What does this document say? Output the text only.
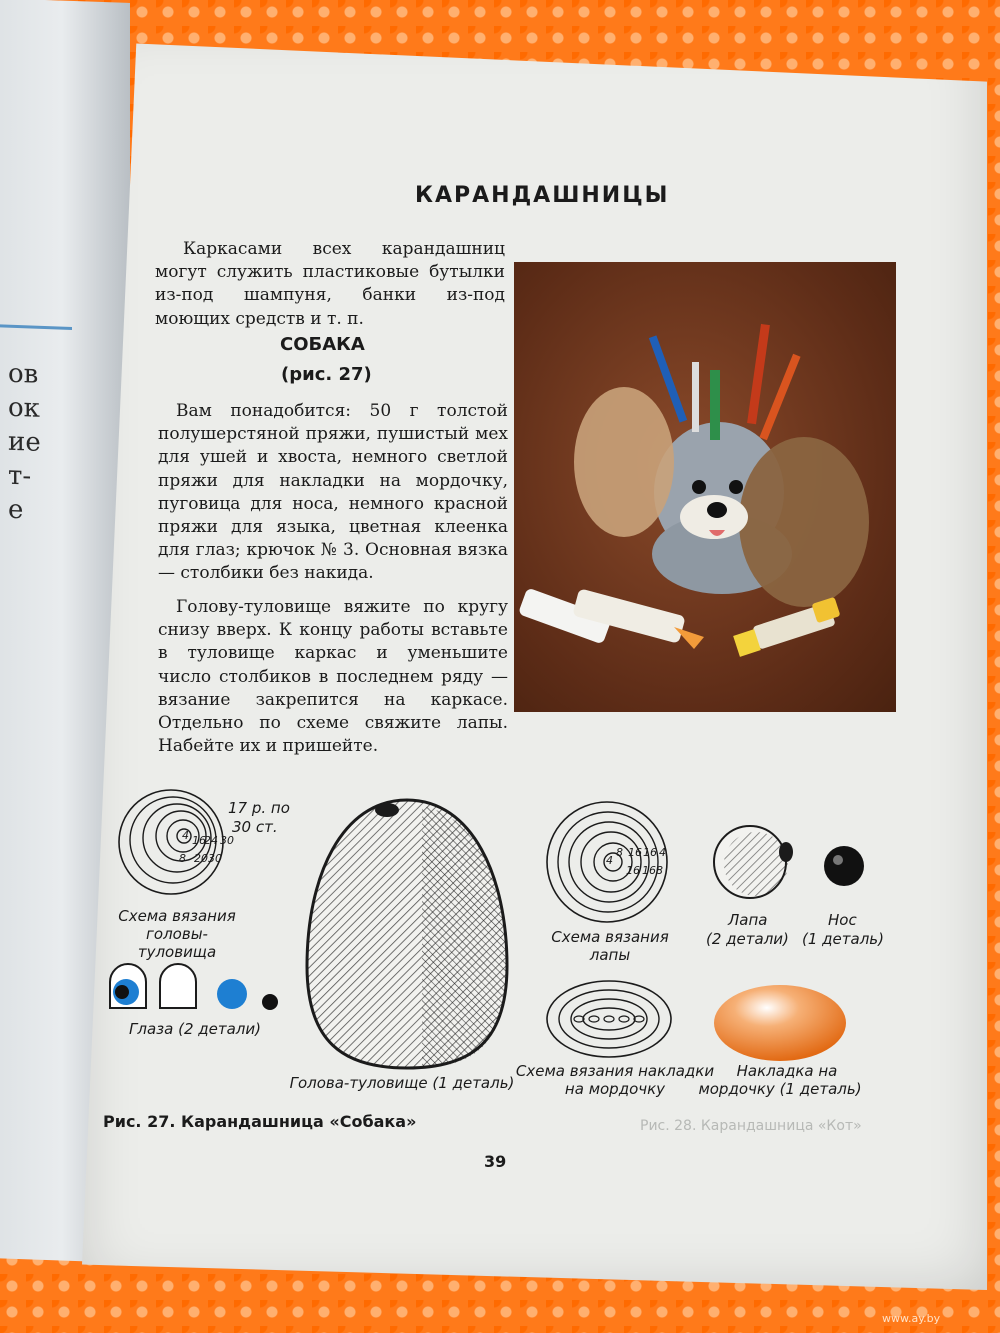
ов
ок
ие
т-
е
КАРАНДАШНИЦЫ
Каркасами всех карандашниц могут служить пластиковые бутылки из-под шампуня, банки из-под моющих средств и т. п.
СОБАКА
(рис. 27)
Вам понадобится: 50 г толстой полушерстяной пряжи, пушистый мех для ушей и хвоста, немного светлой пряжи для накладки на мордочку, пуговица для носа, немного красной пряжи для языка, цветная клеенка для глаз; крючок № 3. Основная вязка — столбики без накида.
Голову-туловище вяжите по кругу снизу вверх. К концу работы вставьте в туловище каркас и уменьшите число столбиков в последнем ряду — вязание закрепится на каркасе. Отдельно по схеме свяжите лапы. Набейте их и пришейте.
4
8
16
20
24
30
30
17 р. по
30 ст.
Схема вязания
головы-туловища
Глаза (2 детали)
Голова-туловище (1 деталь)
4
8 16 16
16 16
4
8
Схема вязания
лапы
Лапа
(2 детали)
Нос
(1 деталь)
Схема вязания накладки
на мордочку
Накладка на
мордочку (1 деталь)
Рис. 27. Карандашница «Собака»
39
Рис. 28. Карандашница «Кот»
www.ay.by
